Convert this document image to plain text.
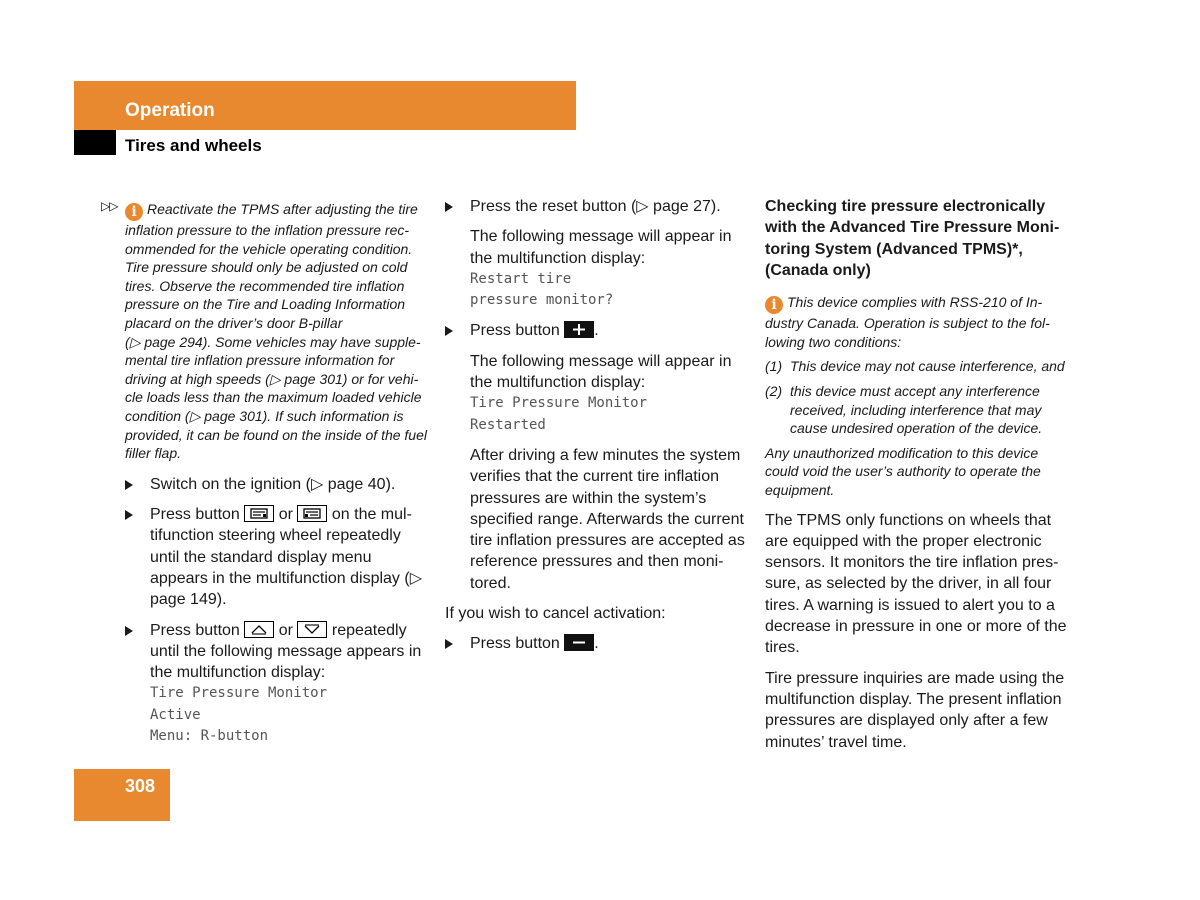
Operation
Tires and wheels
▷▷ i Reactivate the TPMS after adjusting the tire
inflation pressure to the inflation pressure rec-
ommended for the vehicle operating condition.
Tire pressure should only be adjusted on cold
tires. Observe the recommended tire inflation
pressure on the Tire and Loading Information
placard on the driver’s door B-pillar
(▷ page 294). Some vehicles may have supple-
mental tire inflation pressure information for
driving at high speeds (▷ page 301) or for vehi-
cle loads less than the maximum loaded vehicle
condition (▷ page 301). If such information is
provided, it can be found on the inside of the fuel
filler flap.
Switch on the ignition (▷ page 40).
Press button or on the mul- tifunction steering wheel repeatedly until the standard display menu appears in the multifunction display (▷ page 149).
Press button or repeatedly until the following message appears in the multifunction display:
Tire Pressure Monitor
Active
Menu: R-button
Press the reset button (▷ page 27).
The following message will appear in the multifunction display:
Restart tire
pressure monitor?
Press button .
The following message will appear in the multifunction display:
Tire Pressure Monitor
Restarted
After driving a few minutes the system verifies that the current tire inflation pressures are within the system’s specified range. Afterwards the current tire inflation pressures are accepted as reference pressures and then moni-tored.
If you wish to cancel activation:
Press button .
Checking tire pressure electronically with the Advanced Tire Pressure Moni-toring System (Advanced TPMS)*, (Canada only)
i This device complies with RSS-210 of In-dustry Canada. Operation is subject to the fol-lowing two conditions:
(1) This device may not cause interference, and
(2) this device must accept any interference received, including interference that may cause undesired operation of the device.
Any unauthorized modification to this device could void the user’s authority to operate the equipment.
The TPMS only functions on wheels that are equipped with the proper electronic sensors. It monitors the tire inflation pres-sure, as selected by the driver, in all four tires. A warning is issued to alert you to a decrease in pressure in one or more of the tires.
Tire pressure inquiries are made using the multifunction display. The present inflation pressures are displayed only after a few minutes’ travel time.
308
